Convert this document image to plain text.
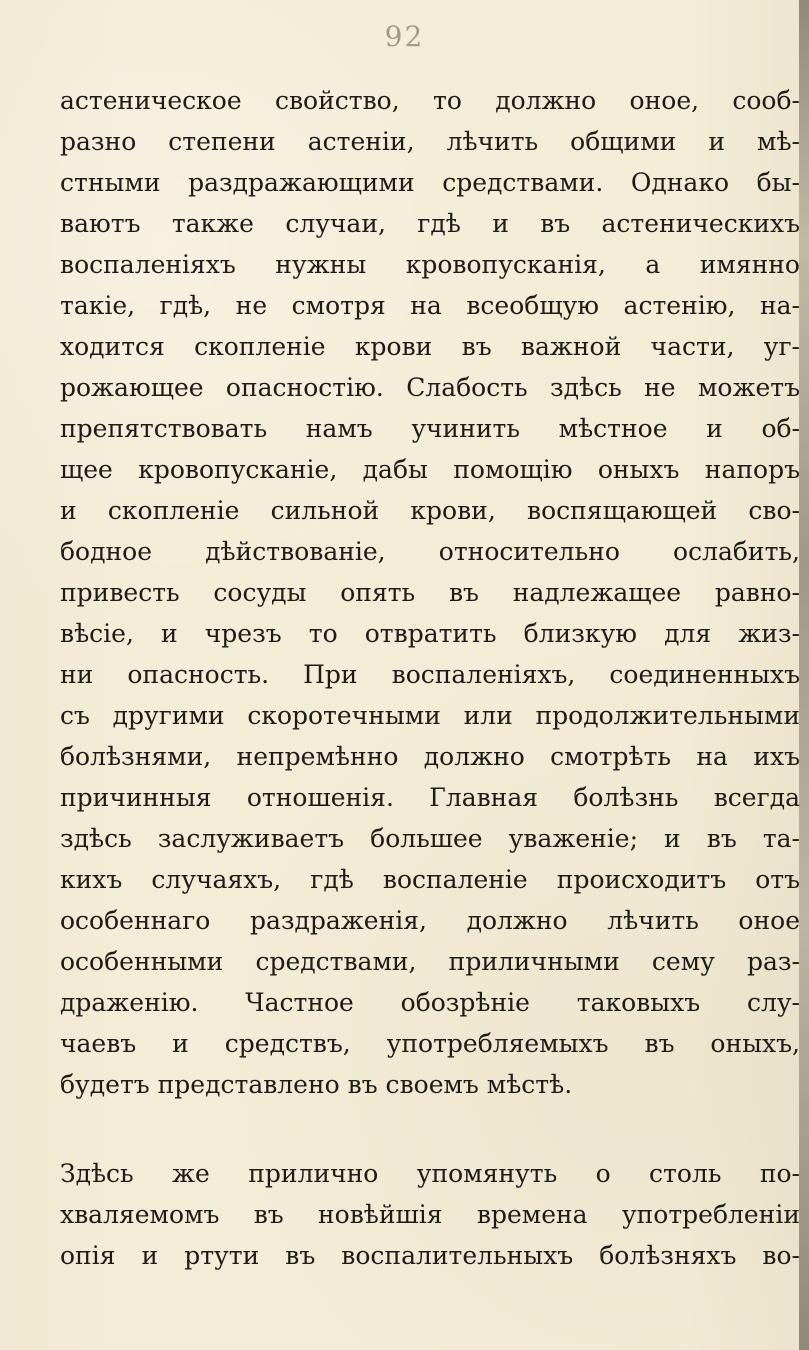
92
астеническое свойство, то должно оное, сооб-
разно степени астенiи, лѣчить общими и мѣ-
стными раздражающими средствами. Однако бы-
ваютъ также случаи, гдѣ и въ астеническихъ
воспаленiяхъ нужны кровопусканiя, а имянно
такiе, гдѣ, не смотря на всеобщую астенiю, на-
ходится скопленiе крови въ важной части, уг-
рожающее опасностiю. Слабость здѣсь не можетъ
препятствовать намъ учинить мѣстное и об-
щее кровопусканiе, дабы помощiю оныхъ напоръ
и скопленiе сильной крови, воспящающей сво-
бодное дѣйствованiе, относительно ослабить,
привесть сосуды опять въ надлежащее равно-
вѣсiе, и чрезъ то отвратить близкую для жиз-
ни опасность. При воспаленiяхъ, соединенныхъ
съ другими скоротечными или продолжительными
болѣзнями, непремѣнно должно смотрѣть на ихъ
причинныя отношенiя. Главная болѣзнь всегда
здѣсь заслуживаетъ большее уваженiе; и въ та-
кихъ случаяхъ, гдѣ воспаленiе происходитъ отъ
особеннаго раздраженiя, должно лѣчить оное
особенными средствами, приличными сему раз-
драженiю. Частное обозрѣнiе таковыхъ слу-
чаевъ и средствъ, употребляемыхъ въ оныхъ,
будетъ представлено въ своемъ мѣстѣ.
Здѣсь же прилично упомянуть о столь по-
хваляемомъ въ новѣйшiя времена употребленiи
опiя и ртути въ воспалительныхъ болѣзняхъ во-
